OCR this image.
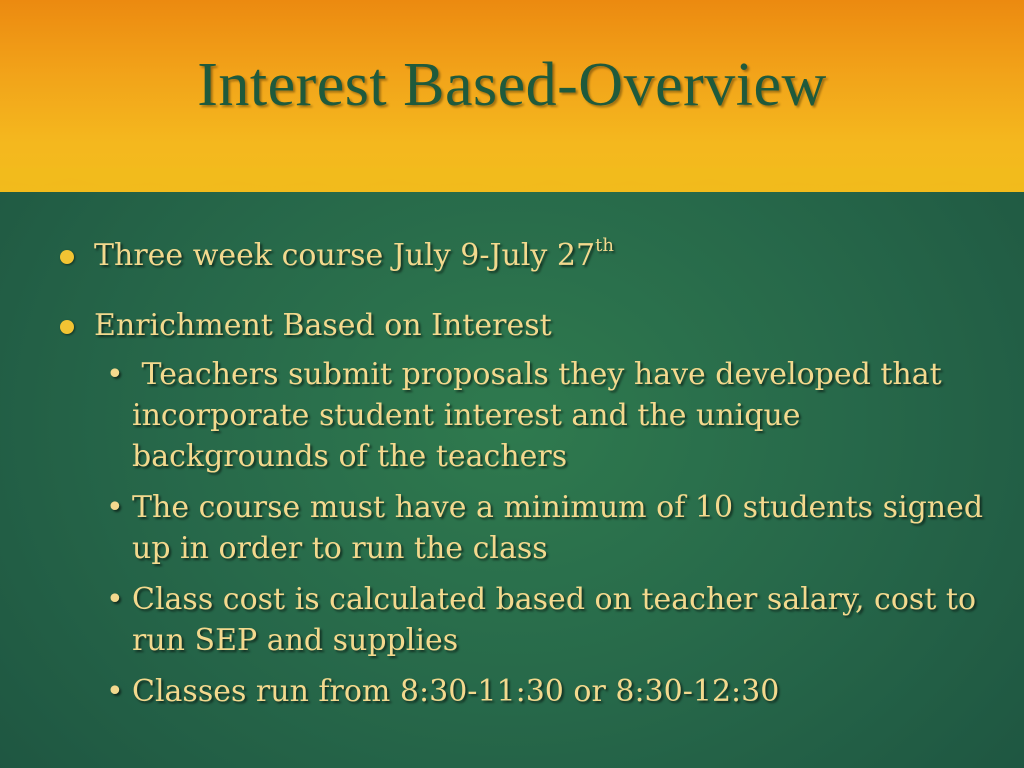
Interest Based-Overview
Three week course July 9-July 27th
Enrichment Based on Interest
• Teachers submit proposals they have developed that incorporate student interest and the unique backgrounds of the teachers
• The course must have a minimum of 10 students signed up in order to run the class
• Class cost is calculated based on teacher salary, cost to run SEP and supplies
• Classes run from 8:30-11:30 or 8:30-12:30
